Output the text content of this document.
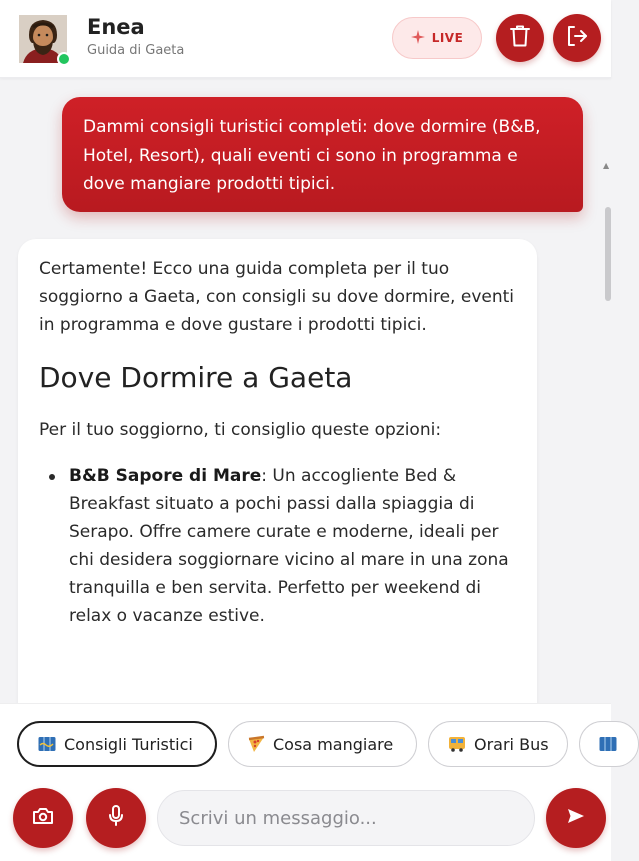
Enea
Guida di Gaeta
LIVE
Dammi consigli turistici completi: dove dormire (B&B, Hotel, Resort), quali eventi ci sono in programma e dove mangiare prodotti tipici.

Certamente! Ecco una guida completa per il tuo soggiorno a Gaeta, con consigli su dove dormire, eventi in programma e dove gustare i prodotti tipici.

Dove Dormire a Gaeta

Per il tuo soggiorno, ti consiglio queste opzioni:

B&B Sapore di Mare: Un accogliente Bed & Breakfast situato a pochi passi dalla spiaggia di Serapo. Offre camere curate e moderne, ideali per chi desidera soggiornare vicino al mare in una zona tranquilla e ben servita. Perfetto per weekend di relax o vacanze estive.
▲
Consigli Turistici	Cosa mangiare	Orari Bus
Scrivi un messaggio...
